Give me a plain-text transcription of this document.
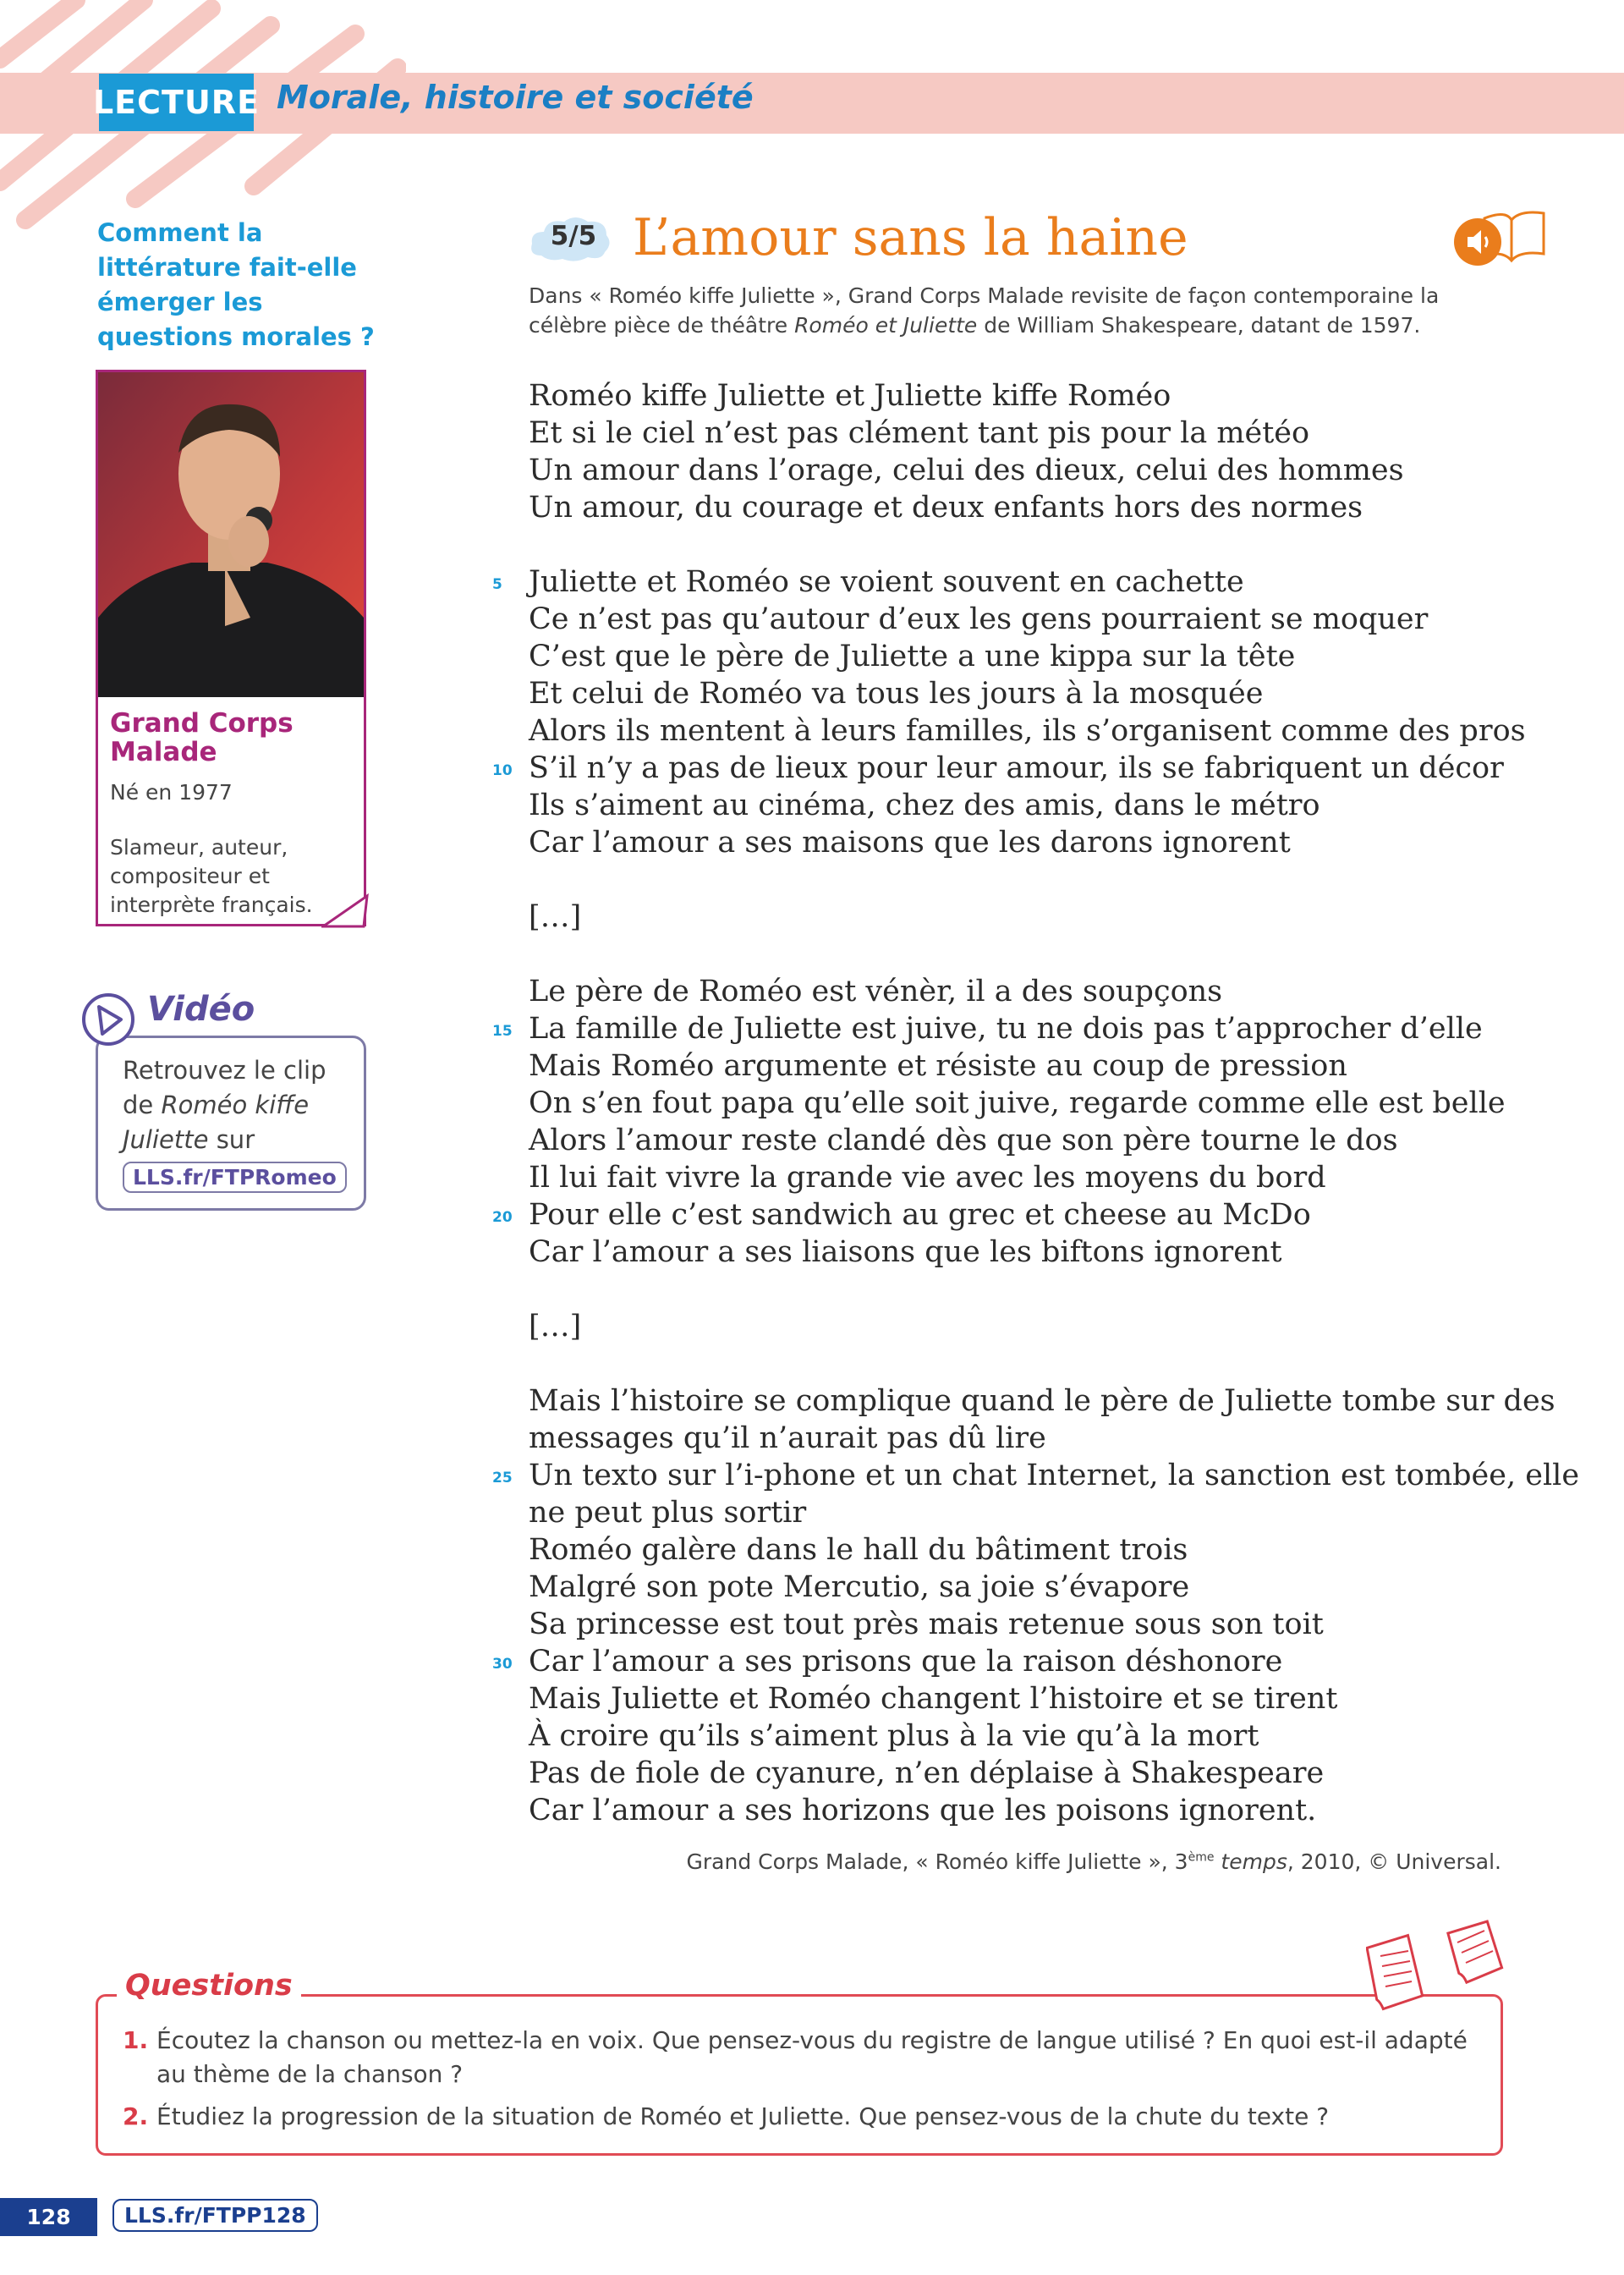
LECTURE Morale, histoire et société
Comment la littérature fait-elle émerger les questions morales ?
Grand Corps Malade
Né en 1977
Slameur, auteur, compositeur et interprète français.
Vidéo
Retrouvez le clip de Roméo kiffe Juliette sur
LLS.fr/FTPRomeo
5/5 L’amour sans la haine
Dans « Roméo kiffe Juliette », Grand Corps Malade revisite de façon contemporaine la célèbre pièce de théâtre Roméo et Juliette de William Shakespeare, datant de 1597.
Roméo kiffe Juliette et Juliette kiffe Roméo
Et si le ciel n’est pas clément tant pis pour la météo
Un amour dans l’orage, celui des dieux, celui des hommes
Un amour, du courage et deux enfants hors des normes
Juliette et Roméo se voient souvent en cachette
5
Ce n’est pas qu’autour d’eux les gens pourraient se moquer
C’est que le père de Juliette a une kippa sur la tête
Et celui de Roméo va tous les jours à la mosquée
Alors ils mentent à leurs familles, ils s’organisent comme des pros
S’il n’y a pas de lieux pour leur amour, ils se fabriquent un décor
10
Ils s’aiment au cinéma, chez des amis, dans le métro
Car l’amour a ses maisons que les darons ignorent
[…]
Le père de Roméo est vénèr, il a des soupçons
La famille de Juliette est juive, tu ne dois pas t’approcher d’elle
15
Mais Roméo argumente et résiste au coup de pression
On s’en fout papa qu’elle soit juive, regarde comme elle est belle
Alors l’amour reste clandé dès que son père tourne le dos
Il lui fait vivre la grande vie avec les moyens du bord
Pour elle c’est sandwich au grec et cheese au McDo
20
Car l’amour a ses liaisons que les biftons ignorent
[…]
Mais l’histoire se complique quand le père de Juliette tombe sur des
messages qu’il n’aurait pas dû lire
Un texto sur l’i-phone et un chat Internet, la sanction est tombée, elle
25
ne peut plus sortir
Roméo galère dans le hall du bâtiment trois
Malgré son pote Mercutio, sa joie s’évapore
Sa princesse est tout près mais retenue sous son toit
Car l’amour a ses prisons que la raison déshonore
30
Mais Juliette et Roméo changent l’histoire et se tirent
À croire qu’ils s’aiment plus à la vie qu’à la mort
Pas de fiole de cyanure, n’en déplaise à Shakespeare
Car l’amour a ses horizons que les poisons ignorent.
Grand Corps Malade, « Roméo kiffe Juliette », 3ème temps, 2010, © Universal.
Questions
1. Écoutez la chanson ou mettez-la en voix. Que pensez-vous du registre de langue utilisé ? En quoi est-il adapté au thème de la chanson ?
2. Étudiez la progression de la situation de Roméo et Juliette. Que pensez-vous de la chute du texte ?
128	LLS.fr/FTPP128
